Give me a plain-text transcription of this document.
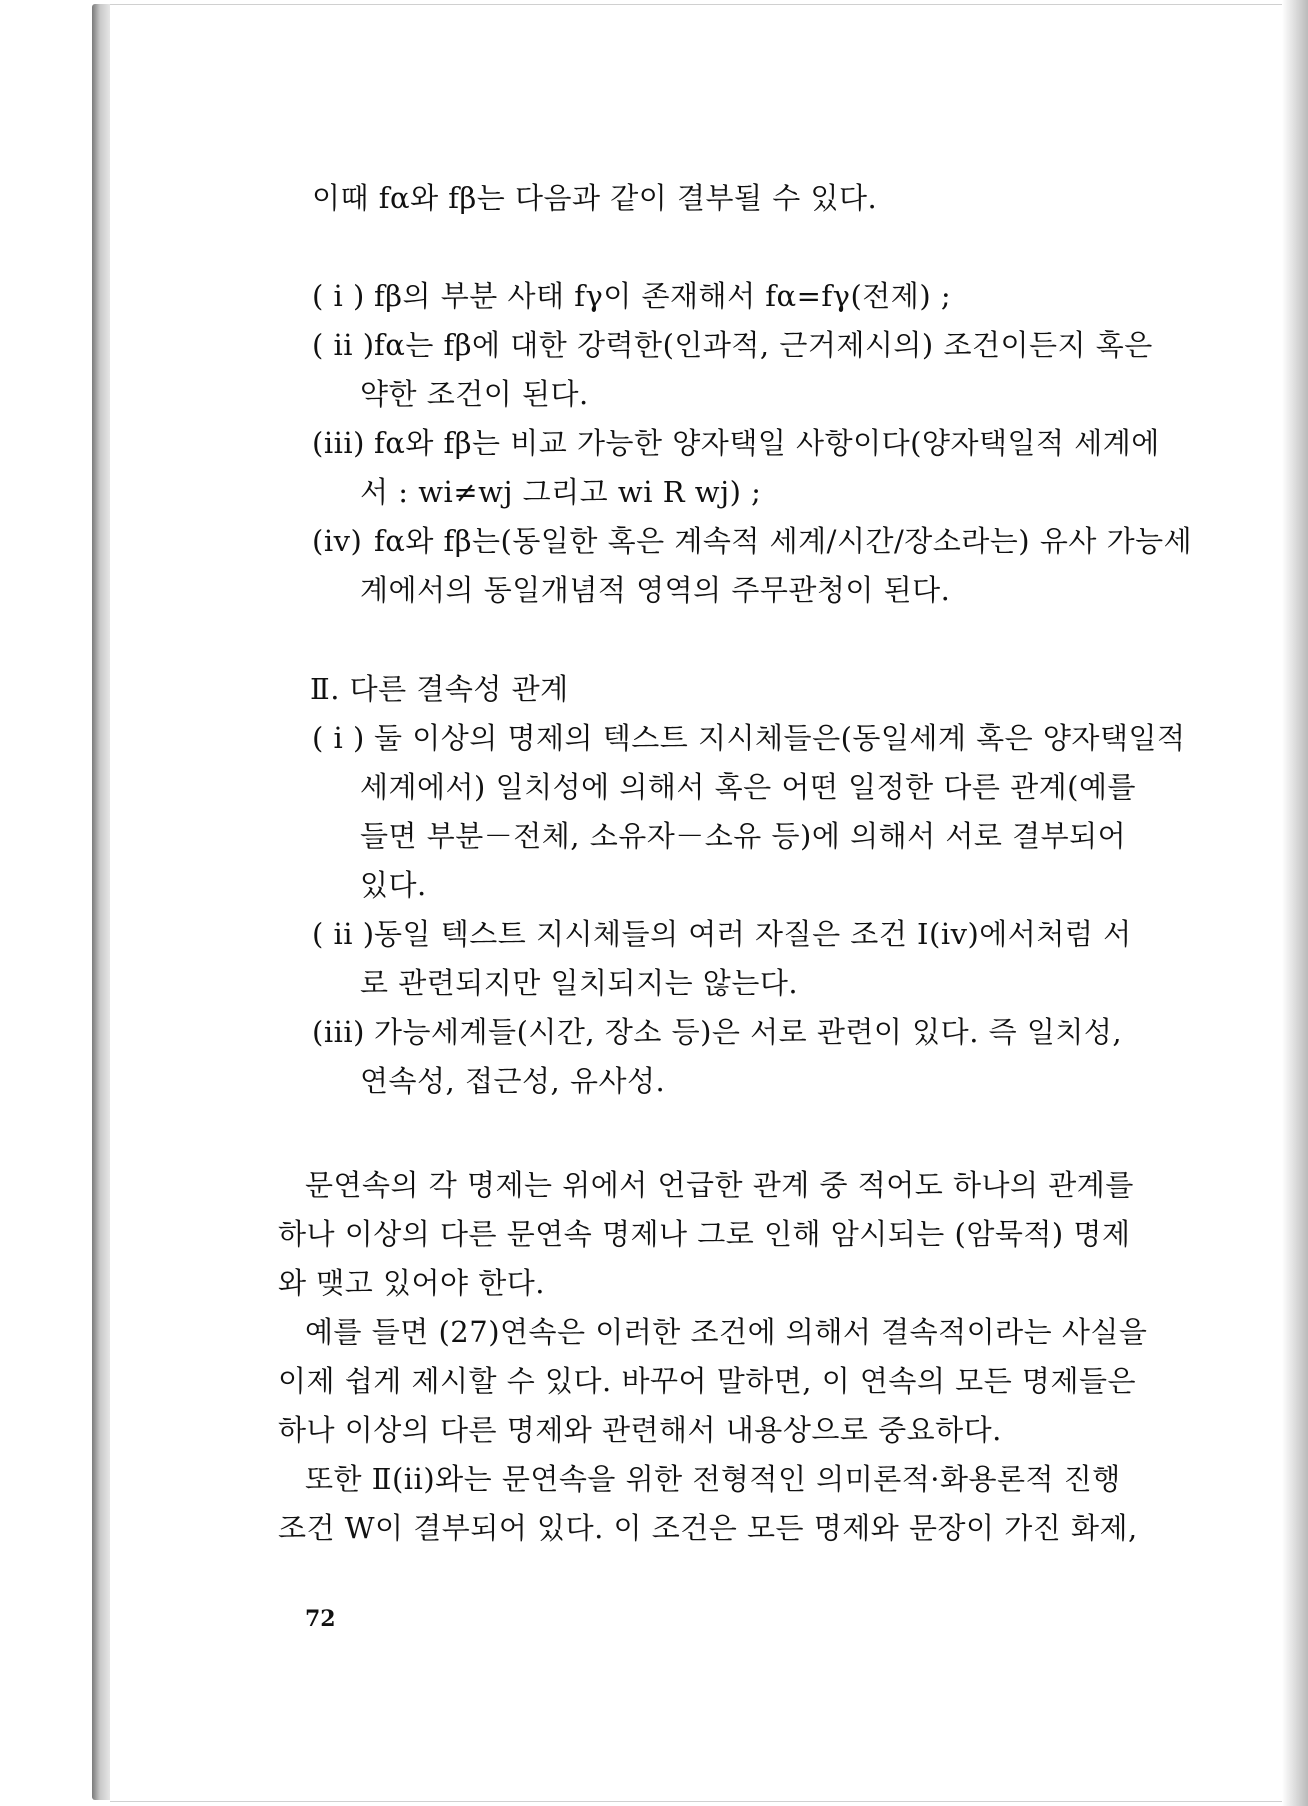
이때 fα와 fβ는 다음과 같이 결부될 수 있다.
( i ) fβ의 부분 사태 fγ이 존재해서 fα=fγ(전제) ;
( ii ) fα는 fβ에 대한 강력한(인과적, 근거제시의) 조건이든지 혹은
약한 조건이 된다.
(iii) fα와 fβ는 비교 가능한 양자택일 사항이다(양자택일적 세계에
서 : wi≠wj 그리고 wi R wj) ;
(iv) fα와 fβ는(동일한 혹은 계속적 세계/시간/장소라는) 유사 가능세
계에서의 동일개념적 영역의 주무관청이 된다.
Ⅱ. 다른 결속성 관계
( i ) 둘 이상의 명제의 텍스트 지시체들은(동일세계 혹은 양자택일적
세계에서) 일치성에 의해서 혹은 어떤 일정한 다른 관계(예를
들면 부분－전체, 소유자－소유 등)에 의해서 서로 결부되어
있다.
( ii ) 동일 텍스트 지시체들의 여러 자질은 조건 Ⅰ(iv)에서처럼 서
로 관련되지만 일치되지는 않는다.
(iii) 가능세계들(시간, 장소 등)은 서로 관련이 있다. 즉 일치성,
연속성, 접근성, 유사성.
문연속의 각 명제는 위에서 언급한 관계 중 적어도 하나의 관계를
하나 이상의 다른 문연속 명제나 그로 인해 암시되는 (암묵적) 명제
와 맺고 있어야 한다.
예를 들면 (27)연속은 이러한 조건에 의해서 결속적이라는 사실을
이제 쉽게 제시할 수 있다. 바꾸어 말하면, 이 연속의 모든 명제들은
하나 이상의 다른 명제와 관련해서 내용상으로 중요하다.
또한 Ⅱ(ii)와는 문연속을 위한 전형적인 의미론적·화용론적 진행
조건 W이 결부되어 있다. 이 조건은 모든 명제와 문장이 가진 화제,
72
